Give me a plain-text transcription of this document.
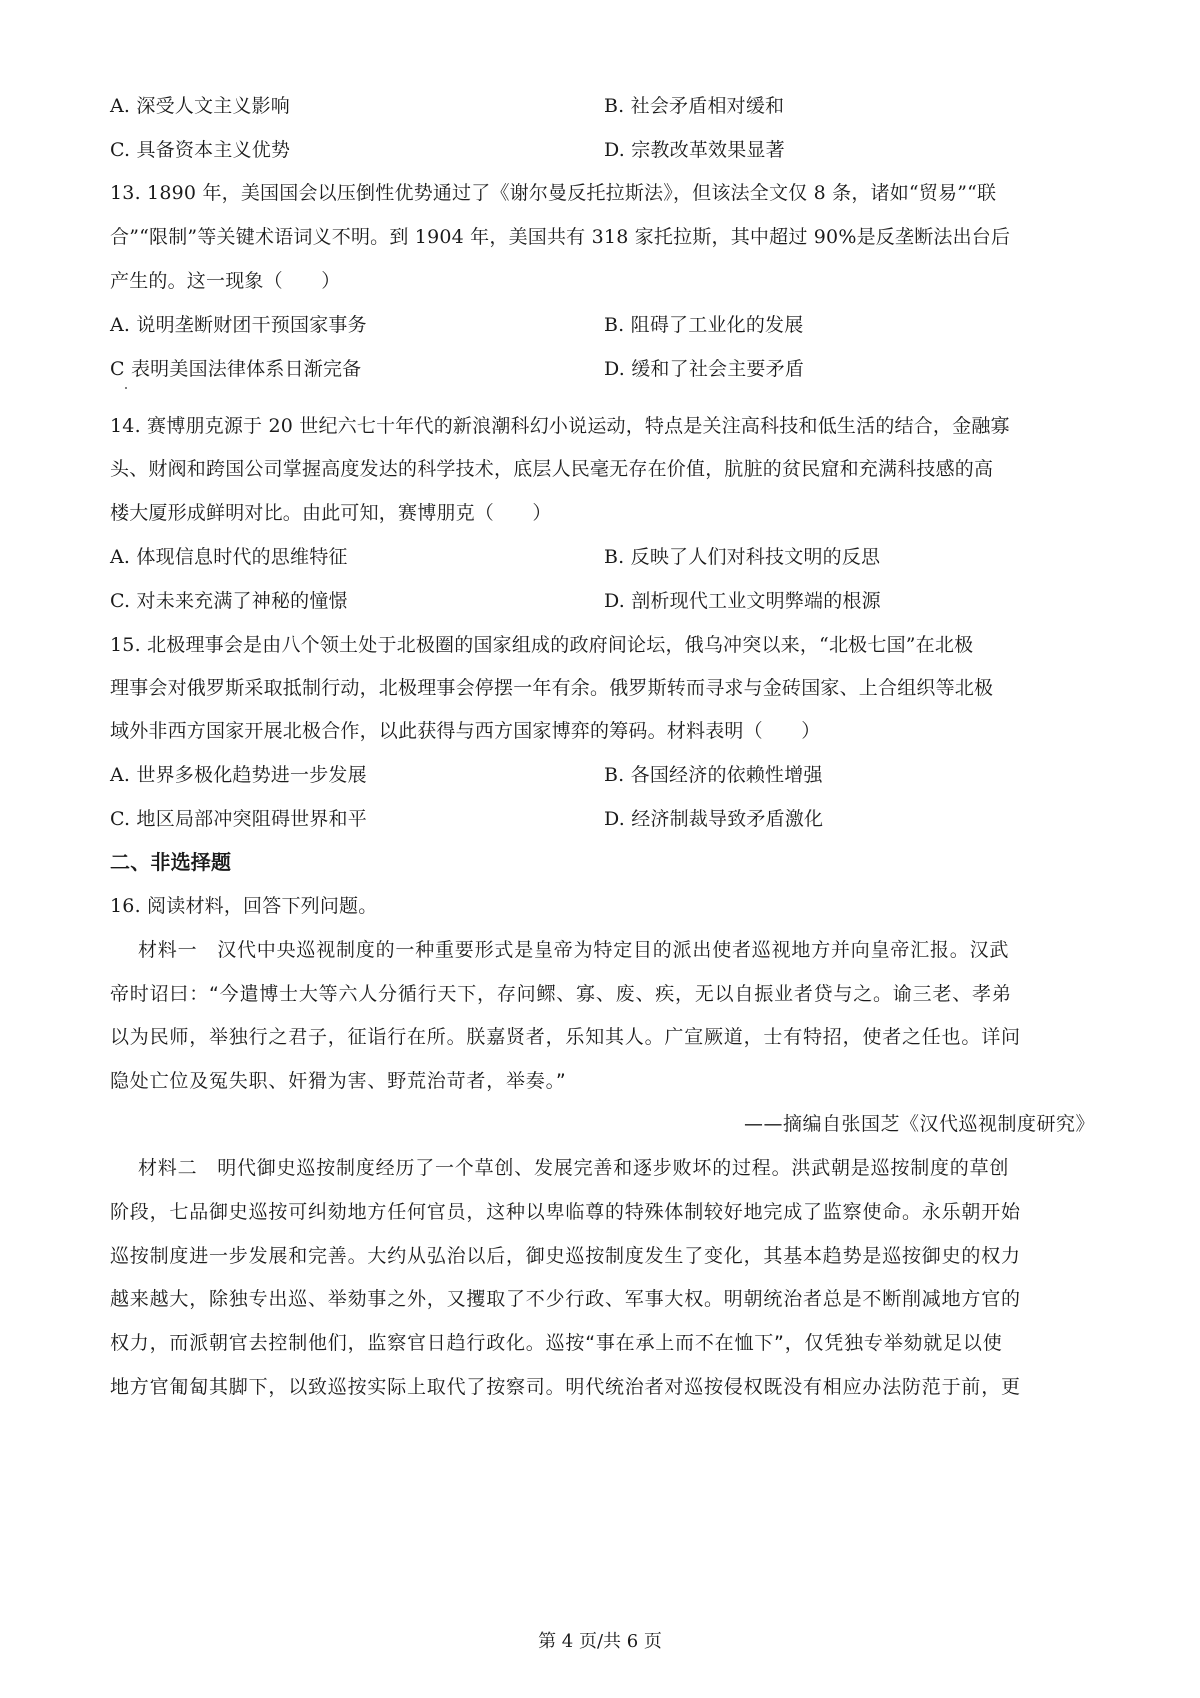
A. 深受人文主义影响	B. 社会矛盾相对缓和
C. 具备资本主义优势	D. 宗教改革效果显著
13. 1890 年，美国国会以压倒性优势通过了《谢尔曼反托拉斯法》，但该法全文仅 8 条，诸如“贸易”“联
合”“限制”等关键术语词义不明。到 1904 年，美国共有 318 家托拉斯，其中超过 90%是反垄断法出台后
产生的。这一现象（　　）
A. 说明垄断财团干预国家事务	B. 阻碍了工业化的发展
C 表明美国法律体系日渐完备	D. 缓和了社会主要矛盾
14. 赛博朋克源于 20 世纪六七十年代的新浪潮科幻小说运动，特点是关注高科技和低生活的结合，金融寡
头、财阀和跨国公司掌握高度发达的科学技术，底层人民毫无存在价值，肮脏的贫民窟和充满科技感的高
楼大厦形成鲜明对比。由此可知，赛博朋克（　　）
A. 体现信息时代的思维特征	B. 反映了人们对科技文明的反思
C. 对未来充满了神秘的憧憬	D. 剖析现代工业文明弊端的根源
15. 北极理事会是由八个领土处于北极圈的国家组成的政府间论坛，俄乌冲突以来，“北极七国”在北极
理事会对俄罗斯采取抵制行动，北极理事会停摆一年有余。俄罗斯转而寻求与金砖国家、上合组织等北极
域外非西方国家开展北极合作，以此获得与西方国家博弈的筹码。材料表明（　　）
A. 世界多极化趋势进一步发展	B. 各国经济的依赖性增强
C. 地区局部冲突阻碍世界和平	D. 经济制裁导致矛盾激化
二、非选择题
16. 阅读材料，回答下列问题。
材料一　汉代中央巡视制度的一种重要形式是皇帝为特定目的派出使者巡视地方并向皇帝汇报。汉武
帝时诏曰：“今遣博士大等六人分循行天下，存问鳏、寡、废、疾，无以自振业者贷与之。谕三老、孝弟
以为民师，举独行之君子，征诣行在所。朕嘉贤者，乐知其人。广宣厥道，士有特招，使者之任也。详问
隐处亡位及冤失职、奸猾为害、野荒治苛者，举奏。”
——摘编自张国芝《汉代巡视制度研究》
材料二　明代御史巡按制度经历了一个草创、发展完善和逐步败坏的过程。洪武朝是巡按制度的草创
阶段，七品御史巡按可纠劾地方任何官员，这种以卑临尊的特殊体制较好地完成了监察使命。永乐朝开始
巡按制度进一步发展和完善。大约从弘治以后，御史巡按制度发生了变化，其基本趋势是巡按御史的权力
越来越大，除独专出巡、举劾事之外，又攫取了不少行政、军事大权。明朝统治者总是不断削减地方官的
权力，而派朝官去控制他们，监察官日趋行政化。巡按“事在承上而不在恤下”，仅凭独专举劾就足以使
地方官匍匐其脚下，以致巡按实际上取代了按察司。明代统治者对巡按侵权既没有相应办法防范于前，更
第 4 页/共 6 页
